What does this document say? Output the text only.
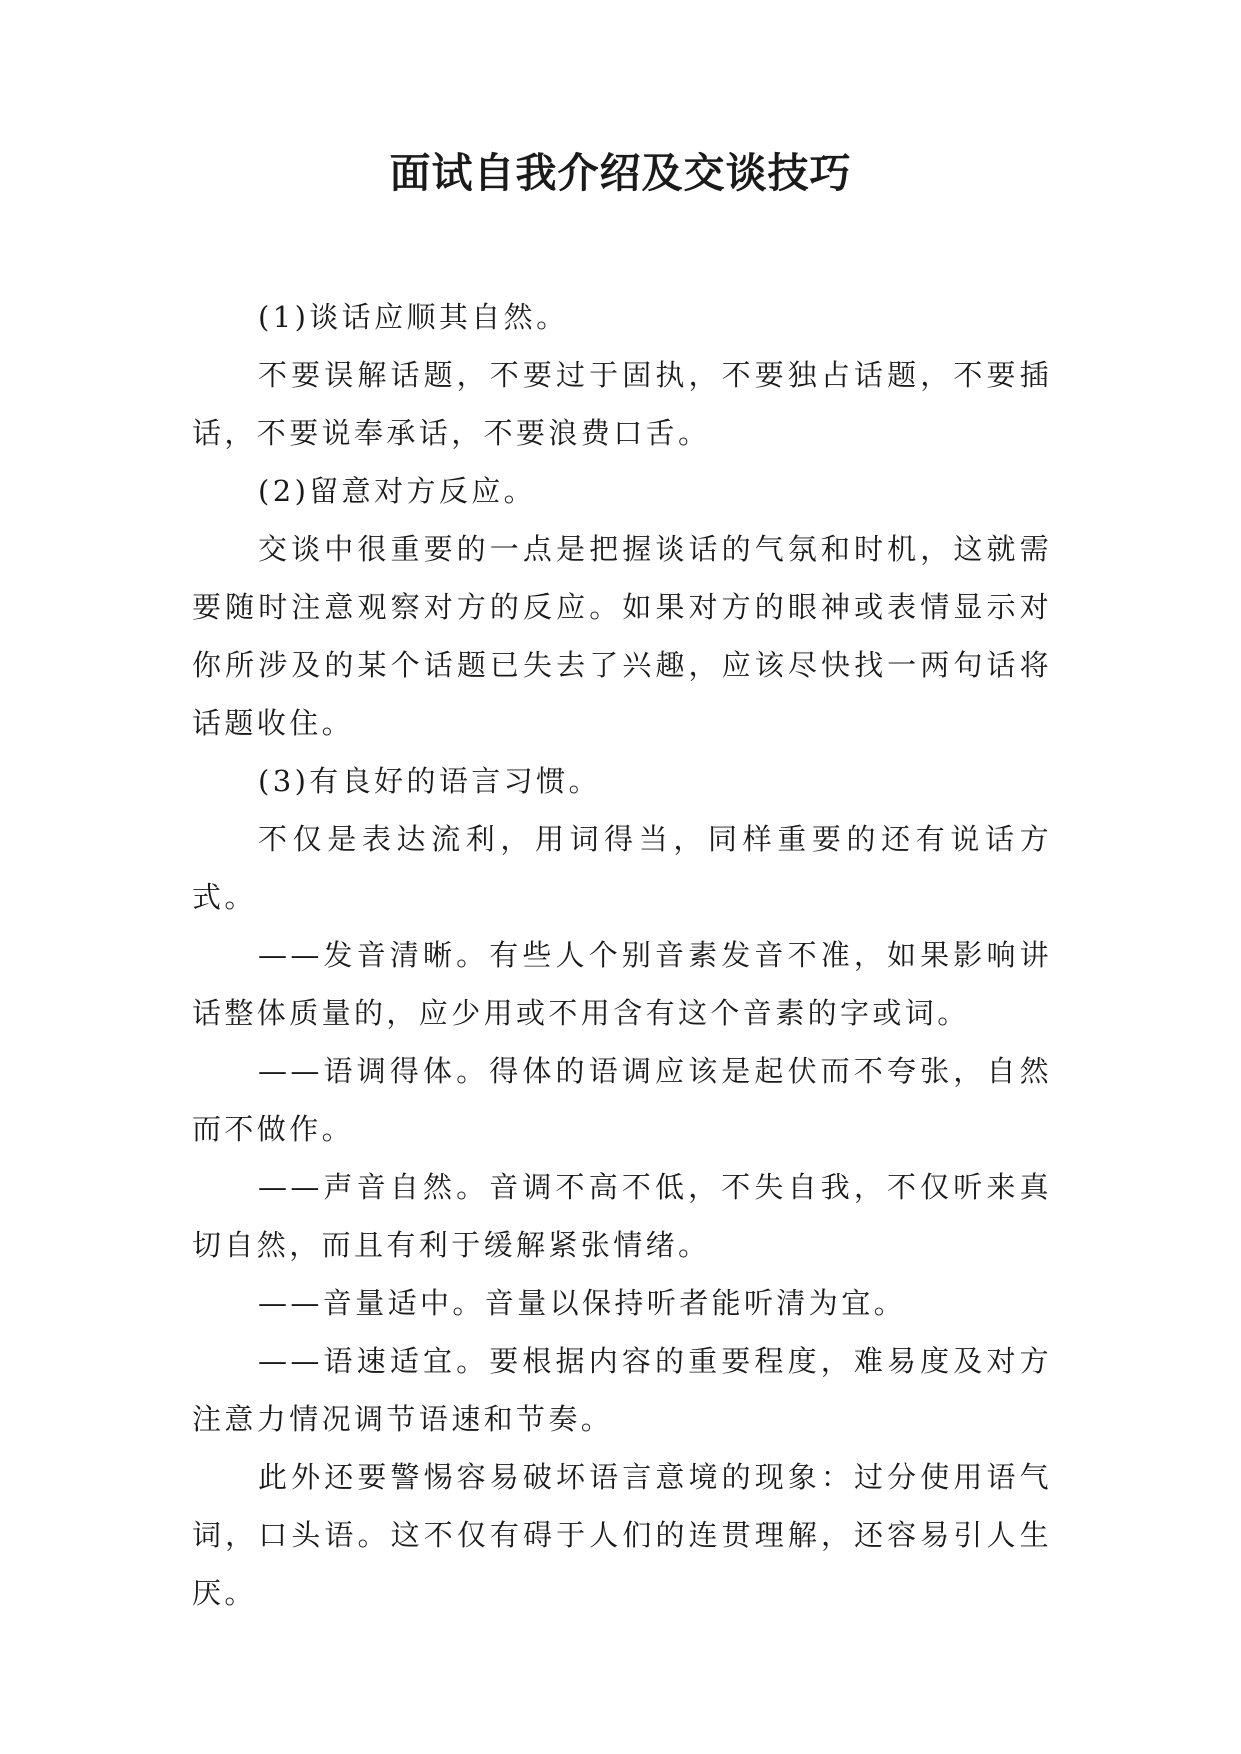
面试自我介绍及交谈技巧

(1)谈话应顺其自然。

不要误解话题，不要过于固执，不要独占话题，不要插话，不要说奉承话，不要浪费口舌。

(2)留意对方反应。

交谈中很重要的一点是把握谈话的气氛和时机，这就需要随时注意观察对方的反应。如果对方的眼神或表情显示对你所涉及的某个话题已失去了兴趣，应该尽快找一两句话将话题收住。

(3)有良好的语言习惯。

不仅是表达流利，用词得当，同样重要的还有说话方式。

——发音清晰。有些人个别音素发音不准，如果影响讲话整体质量的，应少用或不用含有这个音素的字或词。

——语调得体。得体的语调应该是起伏而不夸张，自然而不做作。

——声音自然。音调不高不低，不失自我，不仅听来真切自然，而且有利于缓解紧张情绪。

——音量适中。音量以保持听者能听清为宜。

——语速适宜。要根据内容的重要程度，难易度及对方注意力情况调节语速和节奏。

此外还要警惕容易破坏语言意境的现象：过分使用语气词，口头语。这不仅有碍于人们的连贯理解，还容易引人生厌。
